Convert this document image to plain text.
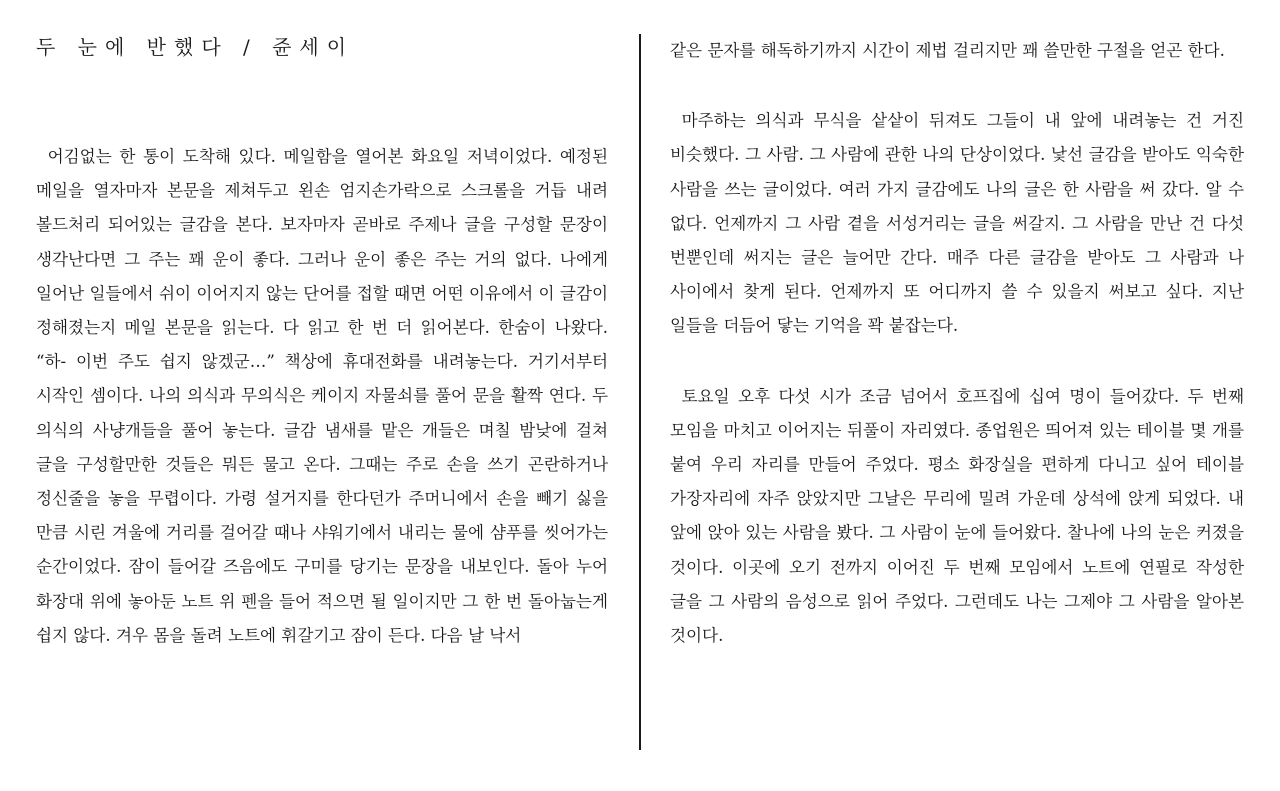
두 눈에 반했다 / 쥰세이

어김없는 한 통이 도착해 있다. 메일함을 열어본 화요일 저녁이었다. 예정된 메일을 열자마자 본문을 제쳐두고 왼손 엄지손가락으로 스크롤을 거듭 내려 볼드처리 되어있는 글감을 본다. 보자마자 곧바로 주제나 글을 구성할 문장이 생각난다면 그 주는 꽤 운이 좋다. 그러나 운이 좋은 주는 거의 없다. 나에게 일어난 일들에서 쉬이 이어지지 않는 단어를 접할 때면 어떤 이유에서 이 글감이 정해졌는지 메일 본문을 읽는다. 다 읽고 한 번 더 읽어본다. 한숨이 나왔다. “하- 이번 주도 쉽지 않겠군…” 책상에 휴대전화를 내려놓는다. 거기서부터 시작인 셈이다. 나의 의식과 무의식은 케이지 자물쇠를 풀어 문을 활짝 연다. 두 의식의 사냥개들을 풀어 놓는다. 글감 냄새를 맡은 개들은 며칠 밤낮에 걸쳐 글을 구성할만한 것들은 뭐든 물고 온다. 그때는 주로 손을 쓰기 곤란하거나 정신줄을 놓을 무렵이다. 가령 설거지를 한다던가 주머니에서 손을 빼기 싫을 만큼 시린 겨울에 거리를 걸어갈 때나 샤워기에서 내리는 물에 샴푸를 씻어가는 순간이었다. 잠이 들어갈 즈음에도 구미를 당기는 문장을 내보인다. 돌아 누어 화장대 위에 놓아둔 노트 위 펜을 들어 적으면 될 일이지만 그 한 번 돌아눕는게 쉽지 않다. 겨우 몸을 돌려 노트에 휘갈기고 잠이 든다. 다음 날 낙서

같은 문자를 해독하기까지 시간이 제법 걸리지만 꽤 쓸만한 구절을 얻곤 한다.

마주하는 의식과 무식을 샅샅이 뒤져도 그들이 내 앞에 내려놓는 건 거진 비슷했다. 그 사람. 그 사람에 관한 나의 단상이었다. 낯선 글감을 받아도 익숙한 사람을 쓰는 글이었다. 여러 가지 글감에도 나의 글은 한 사람을 써 갔다. 알 수 없다. 언제까지 그 사람 곁을 서성거리는 글을 써갈지. 그 사람을 만난 건 다섯 번뿐인데 써지는 글은 늘어만 간다. 매주 다른 글감을 받아도 그 사람과 나 사이에서 찾게 된다. 언제까지 또 어디까지 쓸 수 있을지 써보고 싶다. 지난 일들을 더듬어 닿는 기억을 꽉 붙잡는다.

토요일 오후 다섯 시가 조금 넘어서 호프집에 십여 명이 들어갔다. 두 번째 모임을 마치고 이어지는 뒤풀이 자리였다. 종업원은 띄어져 있는 테이블 몇 개를 붙여 우리 자리를 만들어 주었다. 평소 화장실을 편하게 다니고 싶어 테이블 가장자리에 자주 앉았지만 그날은 무리에 밀려 가운데 상석에 앉게 되었다. 내 앞에 앉아 있는 사람을 봤다. 그 사람이 눈에 들어왔다. 찰나에 나의 눈은 커졌을 것이다. 이곳에 오기 전까지 이어진 두 번째 모임에서 노트에 연필로 작성한 글을 그 사람의 음성으로 읽어 주었다. 그런데도 나는 그제야 그 사람을 알아본 것이다.
